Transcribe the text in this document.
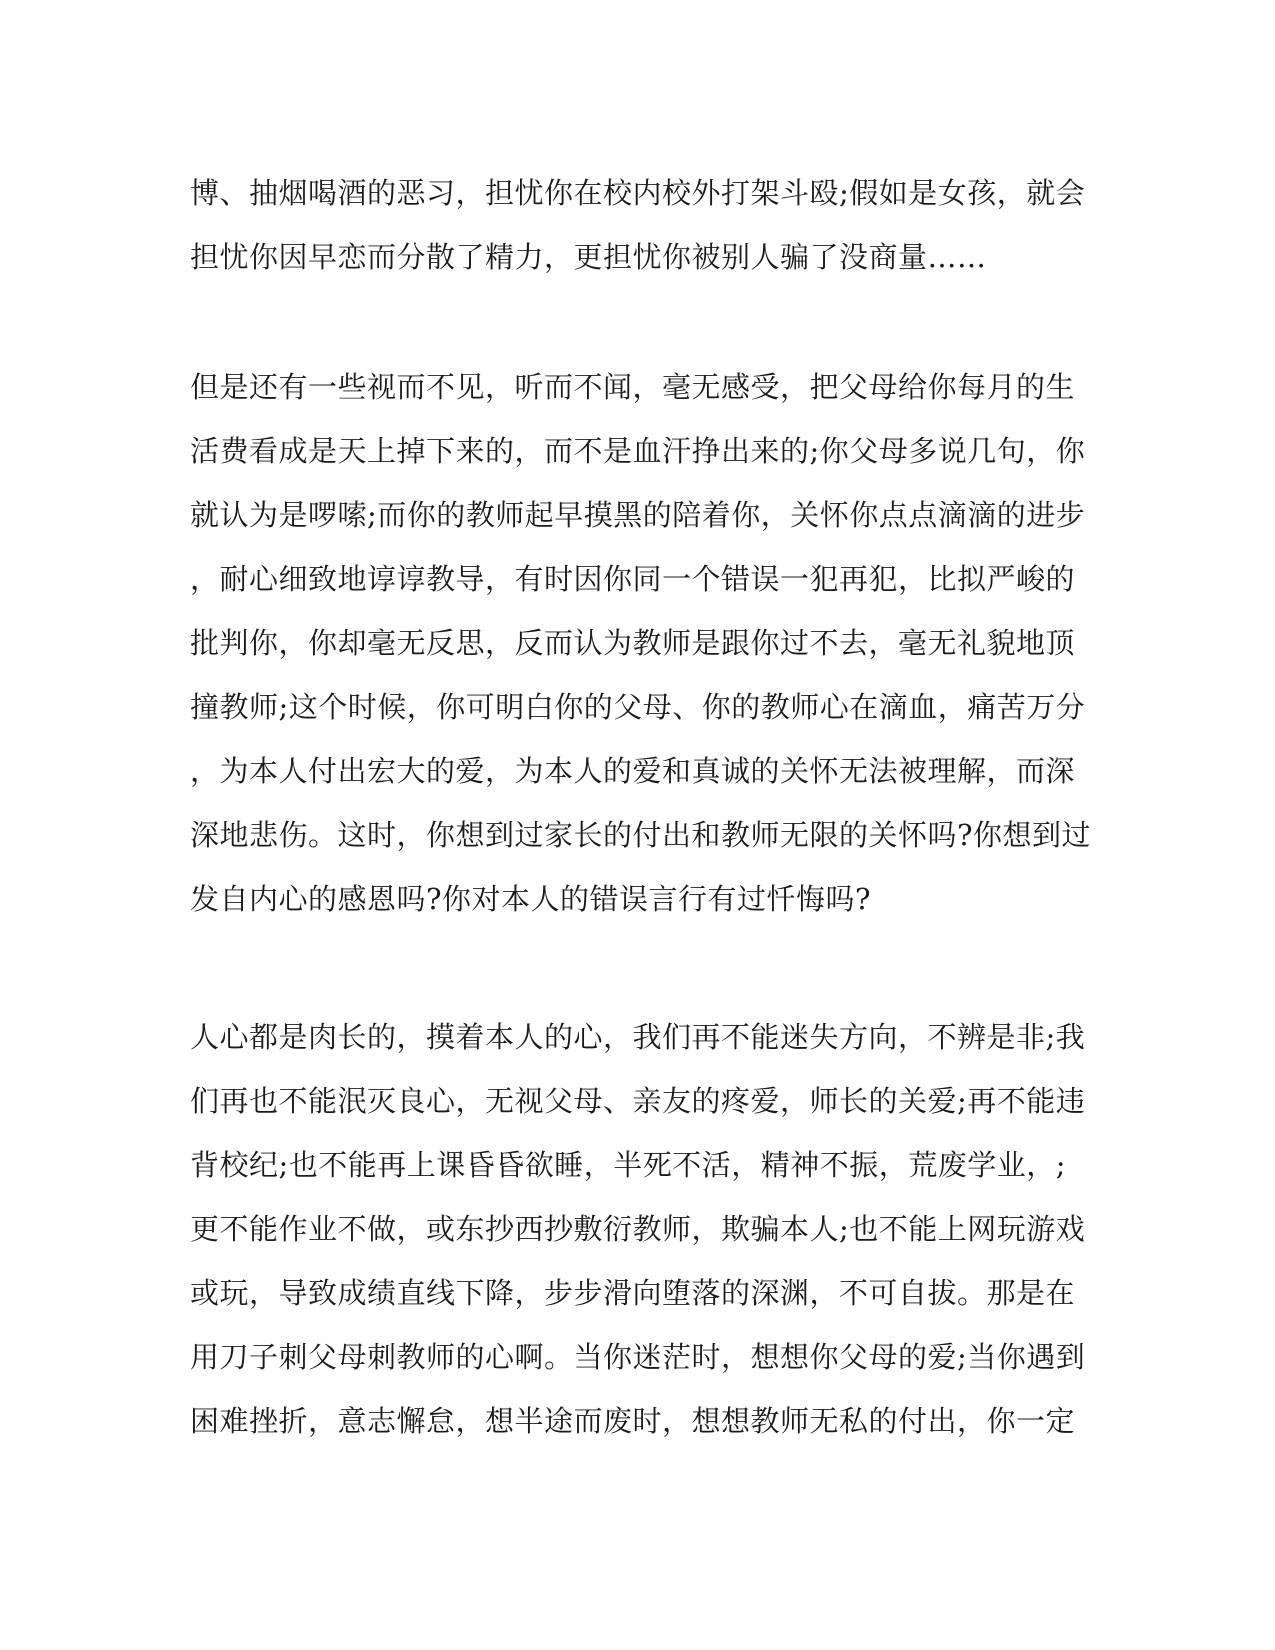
博、抽烟喝酒的恶习，担忧你在校内校外打架斗殴;假如是女孩，就会
担忧你因早恋而分散了精力，更担忧你被别人骗了没商量……
但是还有一些视而不见，听而不闻，毫无感受，把父母给你每月的生
活费看成是天上掉下来的，而不是血汗挣出来的;你父母多说几句，你
就认为是啰嗦;而你的教师起早摸黑的陪着你，关怀你点点滴滴的进步
，耐心细致地谆谆教导，有时因你同一个错误一犯再犯，比拟严峻的
批判你，你却毫无反思，反而认为教师是跟你过不去，毫无礼貌地顶
撞教师;这个时候，你可明白你的父母、你的教师心在滴血，痛苦万分
，为本人付出宏大的爱，为本人的爱和真诚的关怀无法被理解，而深
深地悲伤。这时，你想到过家长的付出和教师无限的关怀吗?你想到过
发自内心的感恩吗?你对本人的错误言行有过忏悔吗?
人心都是肉长的，摸着本人的心，我们再不能迷失方向，不辨是非;我
们再也不能泯灭良心，无视父母、亲友的疼爱，师长的关爱;再不能违
背校纪;也不能再上课昏昏欲睡，半死不活，精神不振，荒废学业，;
更不能作业不做，或东抄西抄敷衍教师，欺骗本人;也不能上网玩游戏
或玩，导致成绩直线下降，步步滑向堕落的深渊，不可自拔。那是在
用刀子刺父母刺教师的心啊。当你迷茫时，想想你父母的爱;当你遇到
困难挫折，意志懈怠，想半途而废时，想想教师无私的付出，你一定
